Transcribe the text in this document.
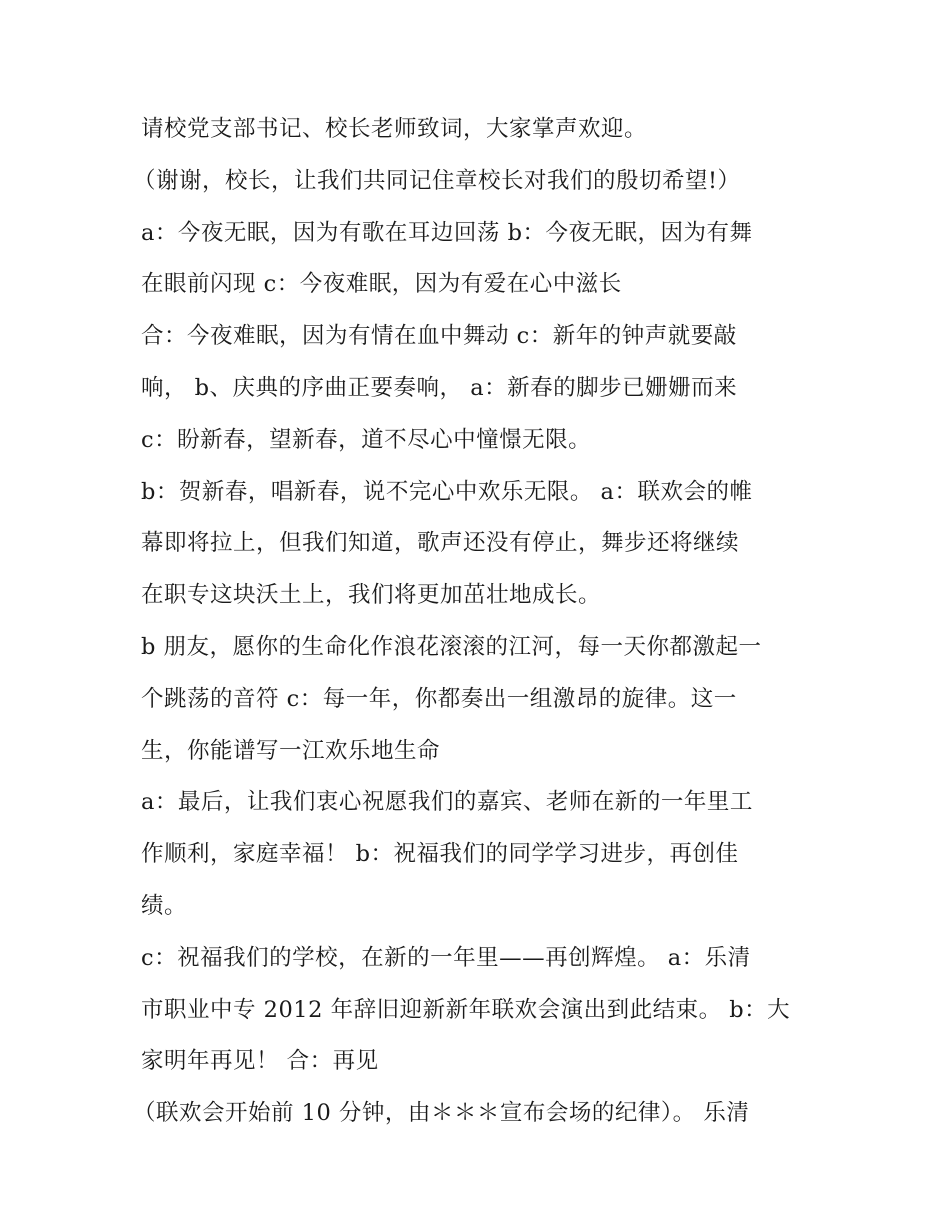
请校党支部书记、校长老师致词，大家掌声欢迎。
（谢谢，校长，让我们共同记住章校长对我们的殷切希望!）
a：今夜无眠，因为有歌在耳边回荡 b：今夜无眠，因为有舞
在眼前闪现 c：今夜难眠，因为有爱在心中滋长
合：今夜难眠，因为有情在血中舞动 c：新年的钟声就要敲
响， b、庆典的序曲正要奏响， a：新春的脚步已姗姗而来
c：盼新春，望新春，道不尽心中憧憬无限。
b：贺新春，唱新春，说不完心中欢乐无限。 a：联欢会的帷
幕即将拉上，但我们知道，歌声还没有停止，舞步还将继续
在职专这块沃土上，我们将更加茁壮地成长。
b 朋友，愿你的生命化作浪花滚滚的江河，每一天你都激起一
个跳荡的音符 c：每一年，你都奏出一组激昂的旋律。这一
生，你能谱写一江欢乐地生命
a：最后，让我们衷心祝愿我们的嘉宾、老师在新的一年里工
作顺利，家庭幸福！ b：祝福我们的同学学习进步，再创佳
绩。
c：祝福我们的学校，在新的一年里——再创辉煌。 a：乐清
市职业中专 2012 年辞旧迎新新年联欢会演出到此结束。 b：大
家明年再见！ 合：再见
（联欢会开始前 10 分钟，由＊＊＊宣布会场的纪律）。 乐清
